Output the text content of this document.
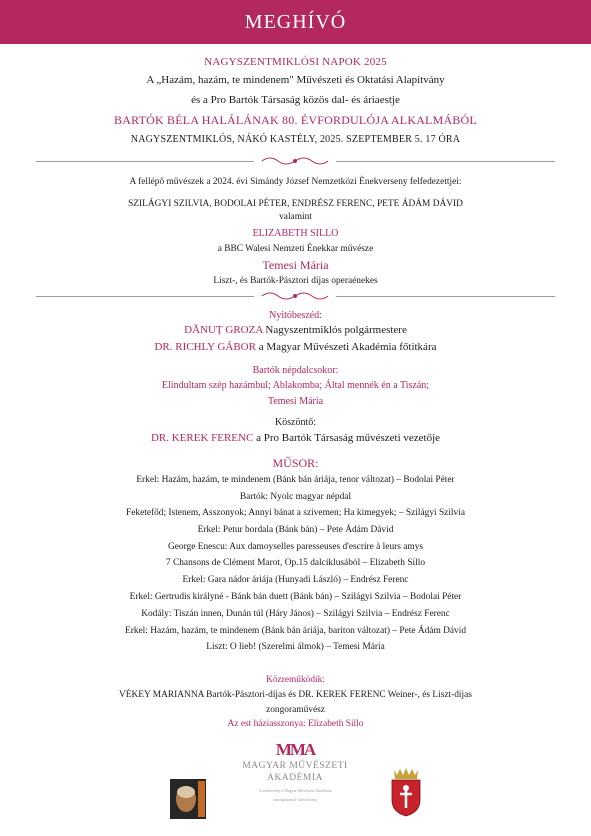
MEGHÍVÓ
NAGYSZENTMIKLÓSI NAPOK 2025
A „Hazám, hazám, te mindenem" Művészeti és Oktatási Alapítvány
és a Pro Bartók Társaság közös dal- és áriaestje
BARTÓK BÉLA HALÁLÁNAK 80. ÉVFORDULÓJA ALKALMÁBÓL
NAGYSZENTMIKLÓS, NÁKÓ KASTÉLY, 2025. SZEPTEMBER 5. 17 ÓRA
A fellépő művészek a 2024. évi Simándy József Nemzetközi Énekverseny felfedezettjei:
SZILÁGYI SZILVIA, BODOLAI PÉTER, ENDRÉSZ FERENC, PETE ÁDÁM DÁVID
valamint
ELIZABETH SILLO
a BBC Walesi Nemzeti Énekkar művésze
Temesi Mária
Liszt-, és Bartók-Pásztori díjas operaénekes
Nyitóbeszéd:
DĂNUȚ GROZA Nagyszentmiklós polgármestere
DR. RICHLY GÁBOR a Magyar Művészeti Akadémia főtitkára
Bartók népdalcsokor:
Elindultam szép hazámbul; Ablakomba; Által mennék én a Tiszán;
Temesi Mária
Köszöntő:
DR. KEREK FERENC a Pro Bartók Társaság művészeti vezetője
MŰSOR:
Erkel: Hazám, hazám, te mindenem (Bánk bán áriája, tenor változat) – Bodolai Péter
Bartók: Nyolc magyar népdal
Feketefőd; Istenem, Asszonyok; Annyi bánat a szívemen; Ha kimegyek; – Szilágyi Szilvia
Erkel: Petur bordala (Bánk bán) – Pete Ádám Dávid
George Enescu: Aux damoyselles paresseuses d'escrire à leurs amys
7 Chansons de Clément Marot, Op.15 dalciklusából – Elizabeth Sillo
Erkel: Gara nádor áriája (Hunyadi László) – Endrész Ferenc
Erkel: Gertrudis királyné - Bánk bán duett (Bánk bán) – Szilágyi Szilvia – Bodolai Péter
Kodály: Tiszán innen, Dunán túl (Háry János) – Szilágyi Szilvia – Endrész Ferenc
Erkel: Hazám, hazám, te mindenem (Bánk bán áriája, bariton változat) – Pete Ádám Dávid
Liszt: O lieb! (Szerelmi álmok) – Temesi Mária
Közreműködik:
VÉKEY MARIANNA Bartók-Pásztori-díjas és DR. KEREK FERENC Weiner-, és Liszt-díjas
zongoraművész
Az est háziasszonya: Elizabeth Sillo
MMA
MAGYAR MŰVÉSZETI
AKADÉMIA
A rendezvény a Magyar Művészeti Akadémia
támogatásával valósul meg
